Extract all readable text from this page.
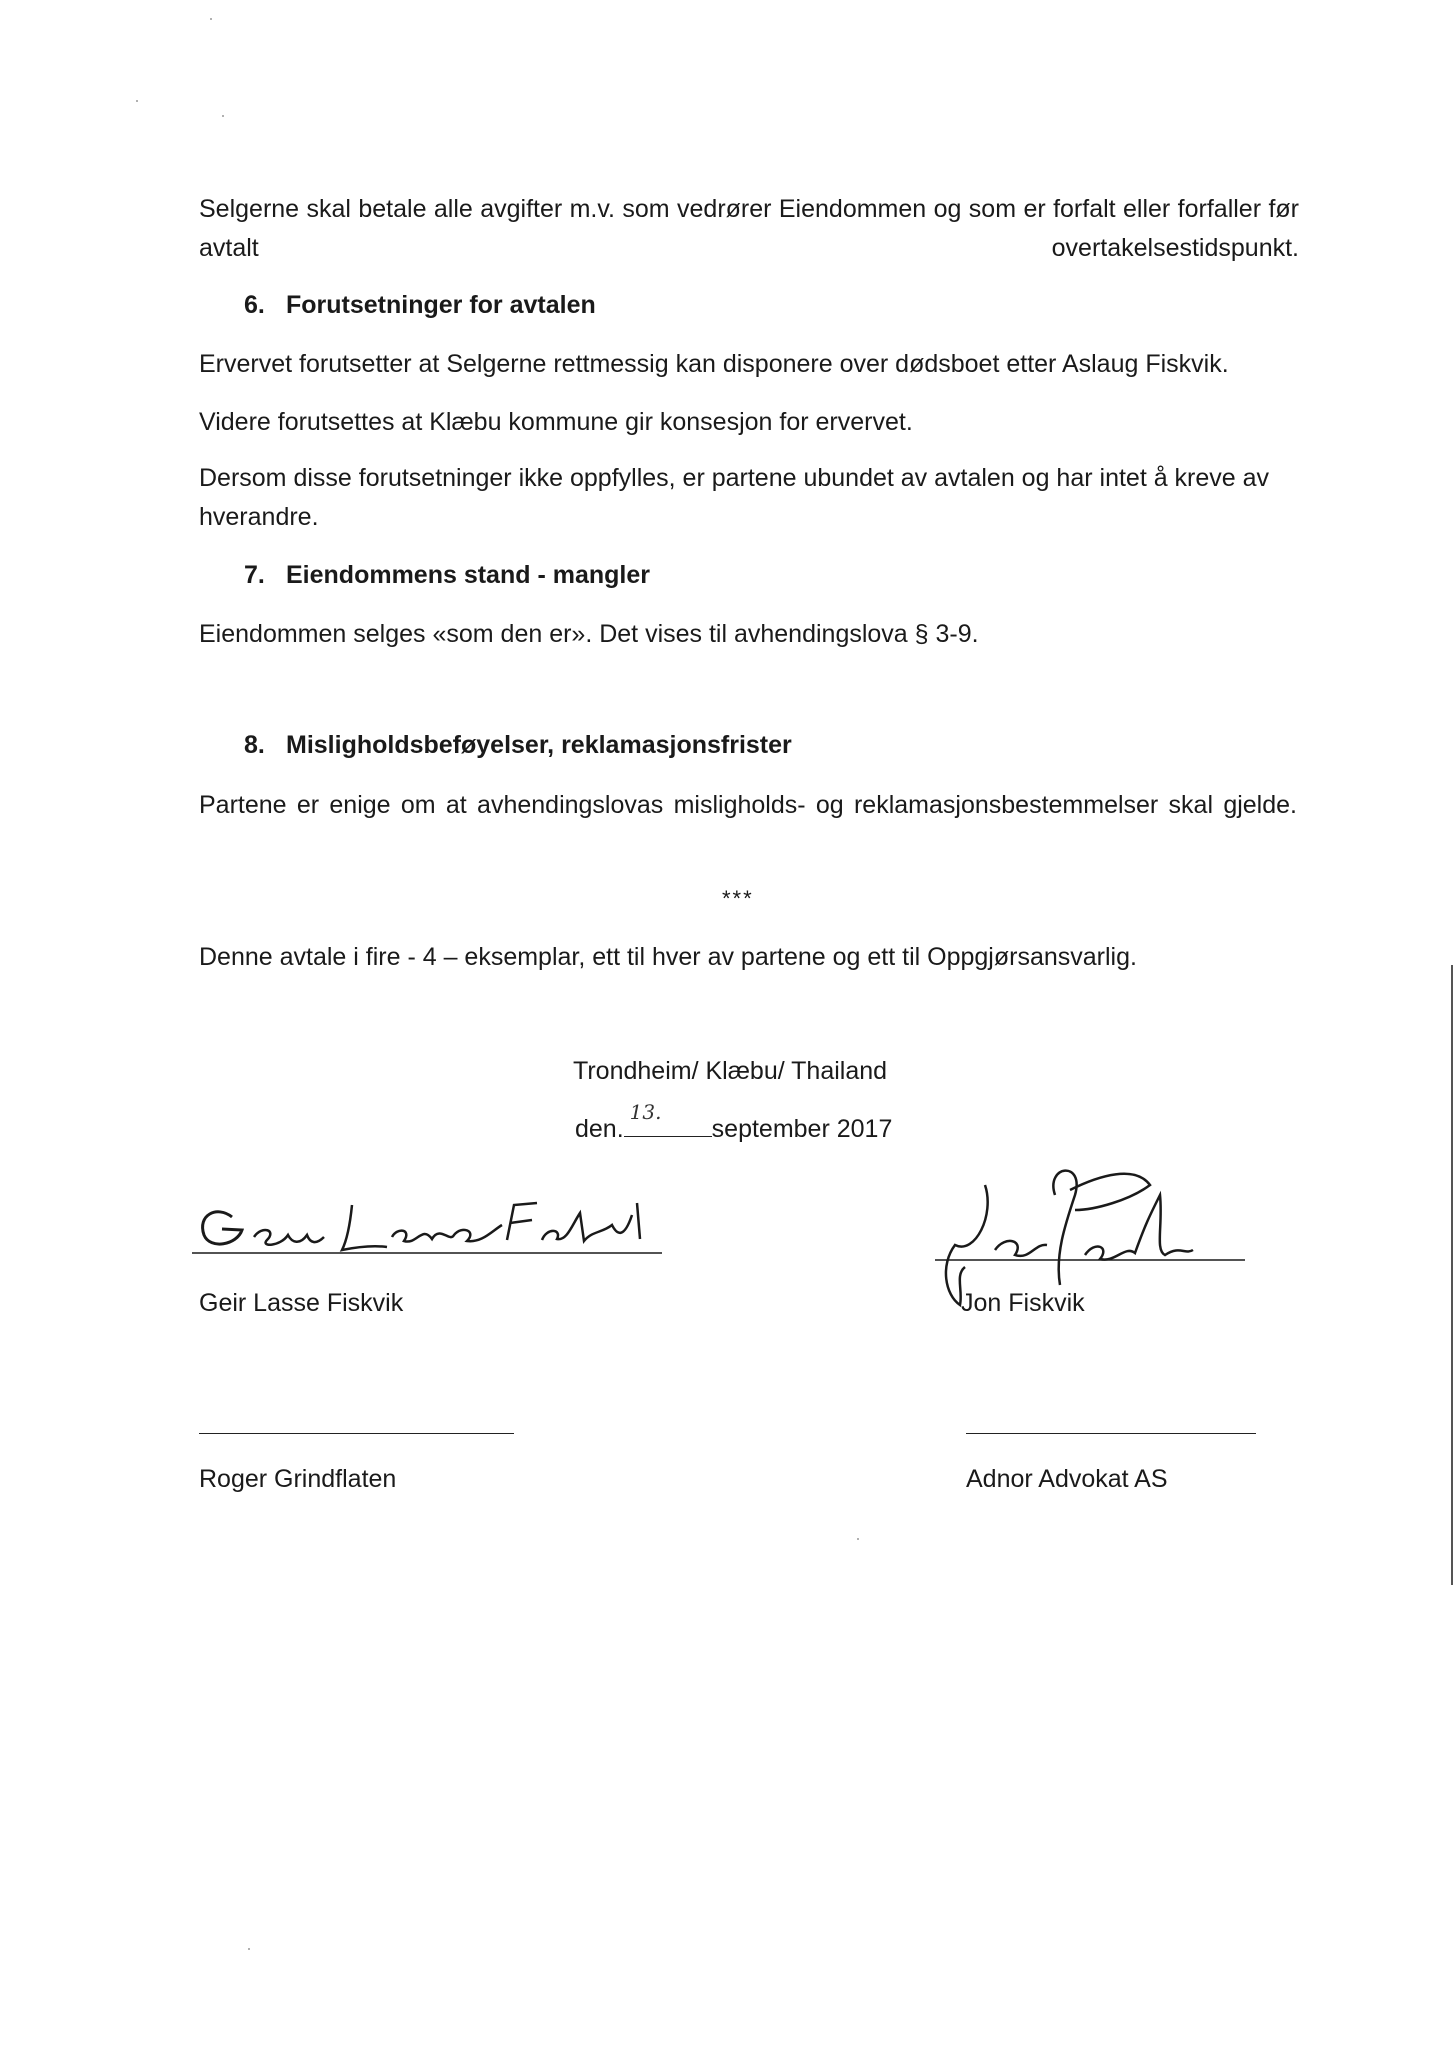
Selgerne skal betale alle avgifter m.v. som vedrører Eiendommen og som er forfalt eller forfaller før avtalt overtakelsestidspunkt.

6. Forutsetninger for avtalen

Ervervet forutsetter at Selgerne rettmessig kan disponere over dødsboet etter Aslaug Fiskvik.

Videre forutsettes at Klæbu kommune gir konsesjon for ervervet.

Dersom disse forutsetninger ikke oppfylles, er partene ubundet av avtalen og har intet å kreve av hverandre.

7. Eiendommens stand - mangler

Eiendommen selges «som den er». Det vises til avhendingslova § 3-9.

8. Misligholdsbeføyelser, reklamasjonsfrister

Partene er enige om at avhendingslovas misligholds- og reklamasjonsbestemmelser skal gjelde.

***

Denne avtale i fire - 4 – eksemplar, ett til hver av partene og ett til Oppgjørsansvarlig.

Trondheim/ Klæbu/ Thailand
den.
13.
september 2017
Geir Lasse Fiskvik	Jon Fiskvik
Roger Grindflaten	Adnor Advokat AS
